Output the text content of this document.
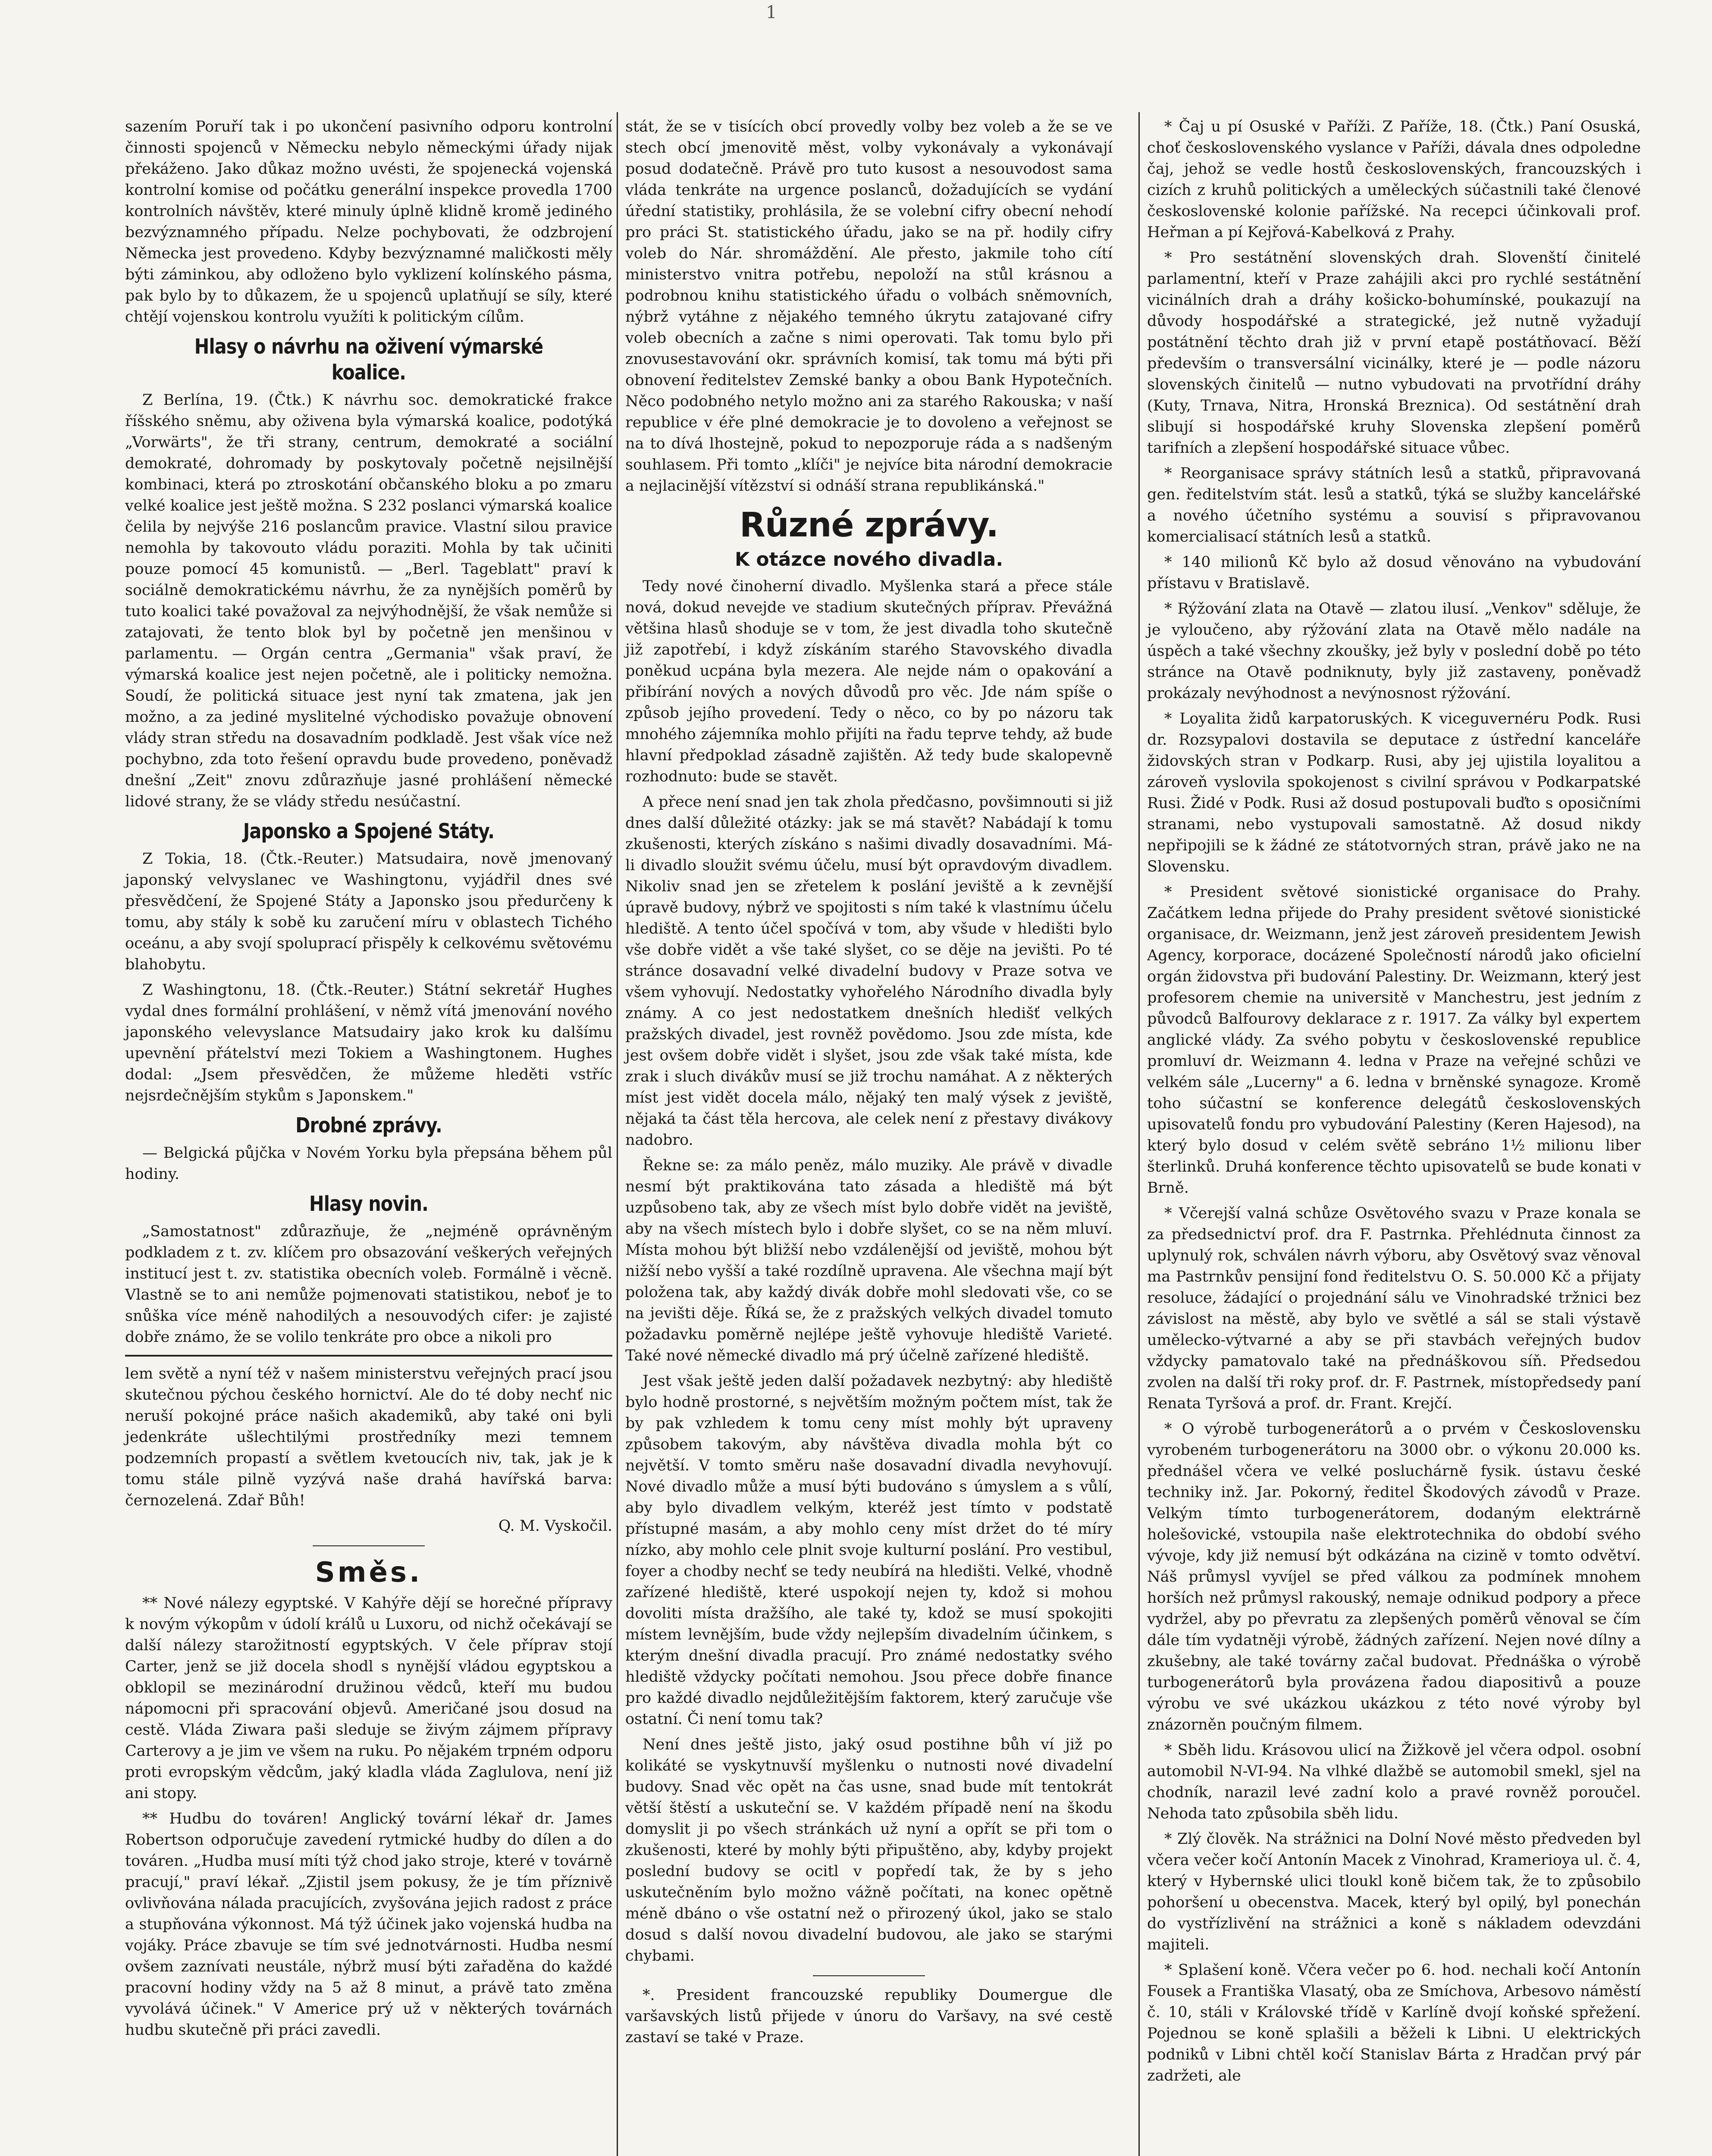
1

sazením Poruří tak i po ukončení pasivního odporu kontrolní činnosti spojenců v Německu nebylo německými úřady nijak překáženo. Jako důkaz možno uvésti, že spojenecká vojenská kontrolní komise od počátku generální inspekce provedla 1700 kontrolních návštěv, které minuly úplně klidně kromě jediného bezvýznamného případu. Nelze pochybovati, že odzbrojení Německa jest provedeno. Kdyby bezvýznamné maličkosti měly býti záminkou, aby odloženo bylo vyklizení kolínského pásma, pak bylo by to důkazem, že u spojenců uplatňují se síly, které chtějí vojenskou kontrolu využíti k politickým cílům.

Hlasy o návrhu na oživení výmarské koalice.

Z Berlína, 19. (Čtk.) K návrhu soc. demokratické frakce říšského sněmu, aby oživena byla výmarská koalice, podotýká „Vorwärts", že tři strany, centrum, demokraté a sociální demokraté, dohromady by poskytovaly početně nejsilnější kombinaci, která po ztroskotání občanského bloku a po zmaru velké koalice jest ještě možna. S 232 poslanci výmarská koalice čelila by nejvýše 216 poslancům pravice. Vlastní silou pravice nemohla by takovouto vládu poraziti. Mohla by tak učiniti pouze pomocí 45 komunistů. — „Berl. Tageblatt" praví k sociálně demokratickému návrhu, že za nynějších poměrů by tuto koalici také považoval za nejvýhodnější, že však nemůže si zatajovati, že tento blok byl by početně jen menšinou v parlamentu. — Orgán centra „Germania" však praví, že výmarská koalice jest nejen početně, ale i politicky nemožna. Soudí, že politická situace jest nyní tak zmatena, jak jen možno, a za jediné myslitelné východisko považuje obnovení vlády stran středu na dosavadním podkladě. Jest však více než pochybno, zda toto řešení opravdu bude provedeno, poněvadž dnešní „Zeit" znovu zdůrazňuje jasné prohlášení německé lidové strany, že se vlády středu nesúčastní.

Japonsko a Spojené Státy.

Z Tokia, 18. (Čtk.-Reuter.) Matsudaira, nově jmenovaný japonský velvyslanec ve Washingtonu, vyjádřil dnes své přesvědčení, že Spojené Státy a Japonsko jsou předurčeny k tomu, aby stály k sobě ku zaručení míru v oblastech Tichého oceánu, a aby svojí spoluprací přispěly k celkovému světovému blahobytu.

Z Washingtonu, 18. (Čtk.-Reuter.) Státní sekretář Hughes vydal dnes formální prohlášení, v němž vítá jmenování nového japonského velevyslance Matsudairy jako krok ku dalšímu upevnění přátelství mezi Tokiem a Washingtonem. Hughes dodal: „Jsem přesvědčen, že můžeme hleděti vstříc nejsrdečnějším stykům s Japonskem."

Drobné zprávy.

— Belgická půjčka v Novém Yorku byla přepsána během půl hodiny.

Hlasy novin.

„Samostatnost" zdůrazňuje, že „nejméně oprávněným podkladem z t. zv. klíčem pro obsazování veškerých veřejných institucí jest t. zv. statistika obecních voleb. Formálně i věcně. Vlastně se to ani nemůže pojmenovati statistikou, neboť je to snůška více méně nahodilých a nesouvodých cifer: je zajisté dobře známo, že se volilo tenkráte pro obce a nikoli pro

lem světě a nyní též v našem ministerstvu veřejných prací jsou skutečnou pýchou českého hornictví. Ale do té doby nechť nic neruší pokojné práce našich akademiků, aby také oni byli jedenkráte ušlechtilými prostředníky mezi temnem podzemních propastí a světlem kvetoucích niv, tak, jak je k tomu stále pilně vyzývá naše drahá havířská barva: černozelená. Zdař Bůh!

Q. M. Vyskočil.

Směs.

** Nové nálezy egyptské. V Kahýře dějí se horečné přípravy k novým výkopům v údolí králů u Luxoru, od nichž očekávají se další nálezy starožitností egyptských. V čele příprav stojí Carter, jenž se již docela shodl s nynější vládou egyptskou a obklopil se mezinárodní družinou vědců, kteří mu budou nápomocni při spracování objevů. Američané jsou dosud na cestě. Vláda Ziwara paši sleduje se živým zájmem přípravy Carterovy a je jim ve všem na ruku. Po nějakém trpném odporu proti evropským vědcům, jaký kladla vláda Zaglulova, není již ani stopy.

** Hudbu do továren! Anglický tovární lékař dr. James Robertson odporučuje zavedení rytmické hudby do dílen a do továren. „Hudba musí míti týž chod jako stroje, které v továrně pracují," praví lékař. „Zjistil jsem pokusy, že je tím příznivě ovlivňována nálada pracujících, zvyšována jejich radost z práce a stupňována výkonnost. Má týž účinek jako vojenská hudba na vojáky. Práce zbavuje se tím své jednotvárnosti. Hudba nesmí ovšem zaznívati neustále, nýbrž musí býti zařaděna do každé pracovní hodiny vždy na 5 až 8 minut, a právě tato změna vyvolává účinek." V Americe prý už v některých továrnách hudbu skutečně při práci zavedli.

stát, že se v tisících obcí provedly volby bez voleb a že se ve stech obcí jmenovitě měst, volby vykonávaly a vykonávají posud dodatečně. Právě pro tuto kusost a nesouvodost sama vláda tenkráte na urgence poslanců, dožadujících se vydání úřední statistiky, prohlásila, že se volební cifry obecní nehodí pro práci St. statistického úřadu, jako se na př. hodily cifry voleb do Nár. shromáždění. Ale přesto, jakmile toho cítí ministerstvo vnitra potřebu, nepoloží na stůl krásnou a podrobnou knihu statistického úřadu o volbách sněmovních, nýbrž vytáhne z nějakého temného úkrytu zatajované cifry voleb obecních a začne s nimi operovati. Tak tomu bylo při znovusestavování okr. správních komisí, tak tomu má býti při obnovení ředitelstev Zemské banky a obou Bank Hypotečních. Něco podobného netylo možno ani za starého Rakouska; v naší republice v éře plné demokracie je to dovoleno a veřejnost se na to dívá lhostejně, pokud to nepozporuje ráda a s nadšeným souhlasem. Při tomto „klíči" je nejvíce bita národní demokracie a nejlacinější vítězství si odnáší strana republikánská."

Různé zprávy.
K otázce nového divadla.

Tedy nové činoherní divadlo. Myšlenka stará a přece stále nová, dokud nevejde ve stadium skutečných příprav. Převážná většina hlasů shoduje se v tom, že jest divadla toho skutečně již zapotřebí, i když získáním starého Stavovského divadla poněkud ucpána byla mezera. Ale nejde nám o opakování a přibírání nových a nových důvodů pro věc. Jde nám spíše o způsob jejího provedení. Tedy o něco, co by po názoru tak mnohého zájemníka mohlo přijíti na řadu teprve tehdy, až bude hlavní předpoklad zásadně zajištěn. Až tedy bude skalopevně rozhodnuto: bude se stavět.

A přece není snad jen tak zhola předčasno, povšimnouti si již dnes další důležité otázky: jak se má stavět? Nabádají k tomu zkušenosti, kterých získáno s našimi divadly dosavadními. Má-li divadlo sloužit svému účelu, musí být opravdovým divadlem. Nikoliv snad jen se zřetelem k poslání jeviště a k zevnější úpravě budovy, nýbrž ve spojitosti s ním také k vlastnímu účelu hlediště. A tento účel spočívá v tom, aby všude v hledišti bylo vše dobře vidět a vše také slyšet, co se děje na jevišti. Po té stránce dosavadní velké divadelní budovy v Praze sotva ve všem vyhovují. Nedostatky vyhořelého Národního divadla byly známy. A co jest nedostatkem dnešních hledišť velkých pražských divadel, jest rovněž povědomo. Jsou zde místa, kde jest ovšem dobře vidět i slyšet, jsou zde však také místa, kde zrak i sluch divákův musí se již trochu namáhat. A z některých míst jest vidět docela málo, nějaký ten malý výsek z jeviště, nějaká ta část těla hercova, ale celek není z přestavy divákovy nadobro.

Řekne se: za málo peněz, málo muziky. Ale právě v divadle nesmí být praktikována tato zásada a hlediště má být uzpůsobeno tak, aby ze všech míst bylo dobře vidět na jeviště, aby na všech místech bylo i dobře slyšet, co se na něm mluví. Místa mohou být bližší nebo vzdálenější od jeviště, mohou být nižší nebo vyšší a také rozdílně upravena. Ale všechna mají být položena tak, aby každý divák dobře mohl sledovati vše, co se na jevišti děje. Říká se, že z pražských velkých divadel tomuto požadavku poměrně nejlépe ještě vyhovuje hlediště Varieté. Také nové německé divadlo má prý účelně zařízené hlediště.

Jest však ještě jeden další požadavek nezbytný: aby hlediště bylo hodně prostorné, s největším možným počtem míst, tak že by pak vzhledem k tomu ceny míst mohly být upraveny způsobem takovým, aby návštěva divadla mohla být co největší. V tomto směru naše dosavadní divadla nevyhovují. Nové divadlo může a musí býti budováno s úmyslem a s vůlí, aby bylo divadlem velkým, kteréž jest tímto v podstatě přístupné masám, a aby mohlo ceny míst držet do té míry nízko, aby mohlo cele plnit svoje kulturní poslání. Pro vestibul, foyer a chodby nechť se tedy neubírá na hledišti. Velké, vhodně zařízené hlediště, které uspokojí nejen ty, kdož si mohou dovoliti místa dražšího, ale také ty, kdož se musí spokojiti místem levnějším, bude vždy nejlepším divadelním účinkem, s kterým dnešní divadla pracují. Pro známé nedostatky svého hlediště vždycky počítati nemohou. Jsou přece dobře finance pro každé divadlo nejdůležitějším faktorem, který zaručuje vše ostatní. Či není tomu tak?

Není dnes ještě jisto, jaký osud postihne bůh ví již po kolikáté se vyskytnuvší myšlenku o nutnosti nové divadelní budovy. Snad věc opět na čas usne, snad bude mít tentokrát větší štěstí a uskuteční se. V každém případě není na škodu domyslit ji po všech stránkách už nyní a opřít se při tom o zkušenosti, které by mohly býti připuštěno, aby, kdyby projekt poslední budovy se ocitl v popředí tak, že by s jeho uskutečněním bylo možno vážně počítati, na konec opětně méně dbáno o vše ostatní než o přirozený úkol, jako se stalo dosud s další novou divadelní budovou, ale jako se starými chybami.

*. President francouzské republiky Doumergue dle varšavských listů přijede v únoru do Varšavy, na své cestě zastaví se také v Praze.

* Čaj u pí Osuské v Paříži. Z Paříže, 18. (Čtk.) Paní Osuská, choť československého vyslance v Paříži, dávala dnes odpoledne čaj, jehož se vedle hostů československých, francouzských i cizích z kruhů politických a uměleckých súčastnili také členové československé kolonie pařížské. Na recepci účinkovali prof. Heřman a pí Kejřová-Kabelková z Prahy.

* Pro sestátnění slovenských drah. Slovenští činitelé parlamentní, kteří v Praze zahájili akci pro rychlé sestátnění vicinálních drah a dráhy košicko-bohumínské, poukazují na důvody hospodářské a strategické, jež nutně vyžadují postátnění těchto drah již v první etapě postátňovací. Běží především o transversální vicinálky, které je — podle názoru slovenských činitelů — nutno vybudovati na prvotřídní dráhy (Kuty, Trnava, Nitra, Hronská Breznica). Od sestátnění drah slibují si hospodářské kruhy Slovenska zlepšení poměrů tarifních a zlepšení hospodářské situace vůbec.

* Reorganisace správy státních lesů a statků, připravovaná gen. ředitelstvím stát. lesů a statků, týká se služby kancelářské a nového účetního systému a souvisí s připravovanou komercialisací státních lesů a statků.

* 140 milionů Kč bylo až dosud věnováno na vybudování přístavu v Bratislavě.

* Rýžování zlata na Otavě — zlatou ilusí. „Venkov" sděluje, že je vyloučeno, aby rýžování zlata na Otavě mělo nadále na úspěch a také všechny zkoušky, jež byly v poslední době po této stránce na Otavě podniknuty, byly již zastaveny, poněvadž prokázaly nevýhodnost a nevýnosnost rýžování.

* Loyalita židů karpatoruských. K viceguvernéru Podk. Rusi dr. Rozsypalovi dostavila se deputace z ústřední kanceláře židovských stran v Podkarp. Rusi, aby jej ujistila loyalitou a zároveň vyslovila spokojenost s civilní správou v Podkarpatské Rusi. Židé v Podk. Rusi až dosud postupovali buďto s oposičními stranami, nebo vystupovali samostatně. Až dosud nikdy nepřipojili se k žádné ze státotvorných stran, právě jako ne na Slovensku.

* President světové sionistické organisace do Prahy. Začátkem ledna přijede do Prahy president světové sionistické organisace, dr. Weizmann, jenž jest zároveň presidentem Jewish Agency, korporace, docázené Společností národů jako oficielní orgán židovstva při budování Palestiny. Dr. Weizmann, který jest profesorem chemie na universitě v Manchestru, jest jedním z původců Balfourovy deklarace z r. 1917. Za války byl expertem anglické vlády. Za svého pobytu v československé republice promluví dr. Weizmann 4. ledna v Praze na veřejné schůzi ve velkém sále „Lucerny" a 6. ledna v brněnské synagoze. Kromě toho súčastní se konference delegátů československých upisovatelů fondu pro vybudování Palestiny (Keren Hajesod), na který bylo dosud v celém světě sebráno 1½ milionu liber šterlinků. Druhá konference těchto upisovatelů se bude konati v Brně.

* Včerejší valná schůze Osvětového svazu v Praze konala se za předsednictví prof. dra F. Pastrnka. Přehlédnuta činnost za uplynulý rok, schválen návrh výboru, aby Osvětový svaz věnoval ma Pastrnkův pensijní fond ředitelstvu O. S. 50.000 Kč a přijaty resoluce, žádající o projednání sálu ve Vinohradské tržnici bez závislost na městě, aby bylo ve světlé a sál se stali výstavě umělecko-výtvarné a aby se při stavbách veřejných budov vždycky pamatovalo také na přednáškovou síň. Předsedou zvolen na další tři roky prof. dr. F. Pastrnek, místopředsedy paní Renata Tyršová a prof. dr. Frant. Krejčí.

* O výrobě turbogenerátorů a o prvém v Československu vyrobeném turbogenerátoru na 3000 obr. o výkonu 20.000 ks. přednášel včera ve velké posluchárně fysik. ústavu české techniky inž. Jar. Pokorný, ředitel Škodových závodů v Praze. Velkým tímto turbogenerátorem, dodaným elektrárně holešovické, vstoupila naše elektrotechnika do období svého vývoje, kdy již nemusí být odkázána na cizině v tomto odvětví. Náš průmysl vyvíjel se před válkou za podmínek mnohem horších než průmysl rakouský, nemaje odnikud podpory a přece vydržel, aby po převratu za zlepšených poměrů věnoval se čím dále tím vydatněji výrobě, žádných zařízení. Nejen nové dílny a zkušebny, ale také továrny začal budovat. Přednáška o výrobě turbogenerátorů byla provázena řadou diapositivů a pouze výrobu ve své ukázkou ukázkou z této nové výroby byl znázorněn poučným filmem.

* Sběh lidu. Krásovou ulicí na Žižkově jel včera odpol. osobní automobil N-VI-94. Na vlhké dlažbě se automobil smekl, sjel na chodník, narazil levé zadní kolo a pravé rovněž poroučel. Nehoda tato způsobila sběh lidu.

* Zlý člověk. Na strážnici na Dolní Nové město předveden byl včera večer kočí Antonín Macek z Vinohrad, Kramerioya ul. č. 4, který v Hybernské ulici tloukl koně bičem tak, že to způsobilo pohoršení u obecenstva. Macek, který byl opilý, byl ponechán do vystřízlivění na strážnici a koně s nákladem odevzdáni majiteli.

* Splašení koně. Včera večer po 6. hod. nechali kočí Antonín Fousek a Františka Vlasatý, oba ze Smíchova, Arbesovo náměstí č. 10, stáli v Královské třídě v Karlíně dvojí koňské spřežení. Pojednou se koně splašili a běželi k Libni. U elektrických podniků v Libni chtěl kočí Stanislav Bárta z Hradčan prvý pár zadržeti, ale
